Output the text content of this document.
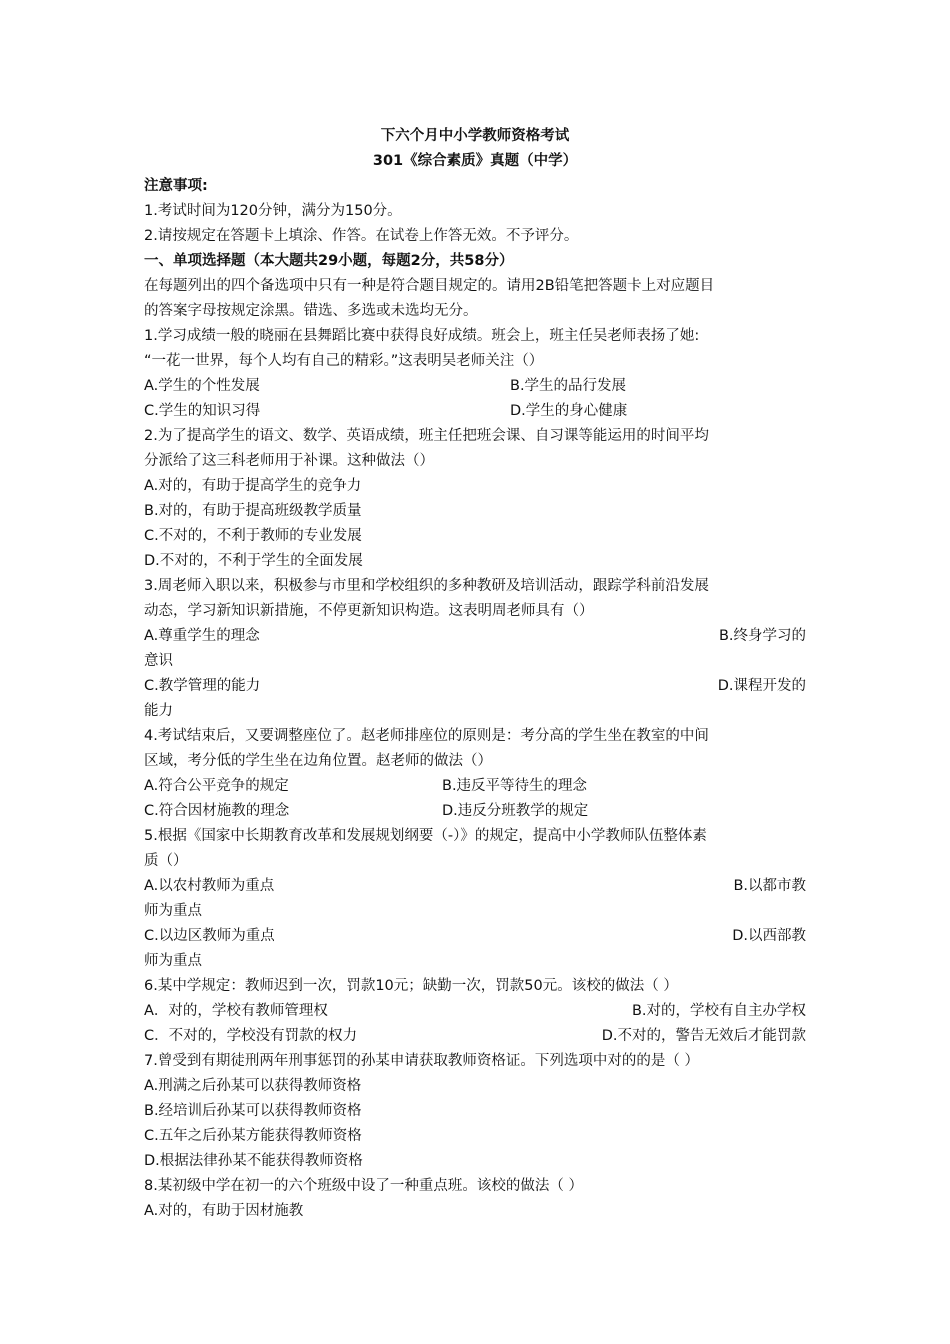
下六个月中小学教师资格考试
301《综合素质》真题（中学）
注意事项:
1.考试时间为120分钟，满分为150分。
2.请按规定在答题卡上填涂、作答。在试卷上作答无效。不予评分。
一、单项选择题（本大题共29小题，每题2分，共58分）
在每题列出的四个备选项中只有一种是符合题目规定的。请用2B铅笔把答题卡上对应题目
的答案字母按规定涂黑。错选、多选或未选均无分。
1.学习成绩一般的晓丽在县舞蹈比赛中获得良好成绩。班会上，班主任吴老师表扬了她:
“一花一世界，每个人均有自己的精彩。”这表明吴老师关注（）
A.学生的个性发展	B.学生的品行发展
C.学生的知识习得	D.学生的身心健康
2.为了提高学生的语文、数学、英语成绩，班主任把班会课、自习课等能运用的时间平均
分派给了这三科老师用于补课。这种做法（）
A.对的，有助于提高学生的竞争力
B.对的，有助于提高班级教学质量
C.不对的，不利于教师的专业发展
D.不对的，不利于学生的全面发展
3.周老师入职以来，积极参与市里和学校组织的多种教研及培训活动，跟踪学科前沿发展
动态，学习新知识新措施，不停更新知识构造。这表明周老师具有（）
A.尊重学生的理念	B.终身学习的
意识
C.教学管理的能力	D.课程开发的
能力
4.考试结束后，又要调整座位了。赵老师排座位的原则是：考分高的学生坐在教室的中间
区域，考分低的学生坐在边角位置。赵老师的做法（）
A.符合公平竞争的规定	B.违反平等待生的理念
C.符合因材施教的理念	D.违反分班教学的规定
5.根据《国家中长期教育改革和发展规划纲要（-）》的规定，提高中小学教师队伍整体素
质（）
A.以农村教师为重点	B.以都市教
师为重点
C.以边区教师为重点	D.以西部教
师为重点
6.某中学规定：教师迟到一次，罚款10元；缺勤一次，罚款50元。该校的做法（ ）
A．对的，学校有教师管理权	B.对的，学校有自主办学权
C．不对的，学校没有罚款的权力	D.不对的，警告无效后才能罚款
7.曾受到有期徒刑两年刑事惩罚的孙某申请获取教师资格证。下列选项中对的的是（ ）
A.刑满之后孙某可以获得教师资格
B.经培训后孙某可以获得教师资格
C.五年之后孙某方能获得教师资格
D.根据法律孙某不能获得教师资格
8.某初级中学在初一的六个班级中设了一种重点班。该校的做法（ ）
A.对的，有助于因材施教
